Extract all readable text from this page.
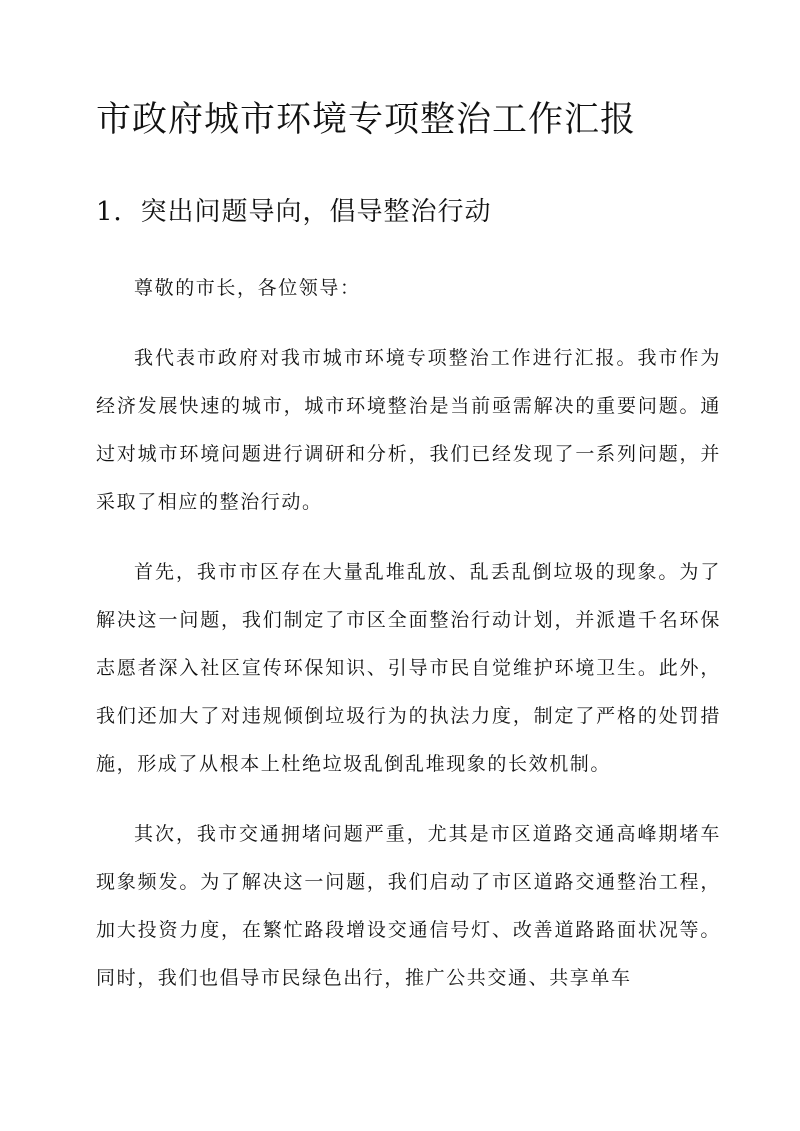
市政府城市环境专项整治工作汇报
1．突出问题导向，倡导整治行动

尊敬的市长，各位领导：

我代表市政府对我市城市环境专项整治工作进行汇报。我市作为经济发展快速的城市，城市环境整治是当前亟需解决的重要问题。通过对城市环境问题进行调研和分析，我们已经发现了一系列问题，并采取了相应的整治行动。

首先，我市市区存在大量乱堆乱放、乱丢乱倒垃圾的现象。为了解决这一问题，我们制定了市区全面整治行动计划，并派遣千名环保志愿者深入社区宣传环保知识、引导市民自觉维护环境卫生。此外，我们还加大了对违规倾倒垃圾行为的执法力度，制定了严格的处罚措施，形成了从根本上杜绝垃圾乱倒乱堆现象的长效机制。

其次，我市交通拥堵问题严重，尤其是市区道路交通高峰期堵车现象频发。为了解决这一问题，我们启动了市区道路交通整治工程，加大投资力度，在繁忙路段增设交通信号灯、改善道路路面状况等。同时，我们也倡导市民绿色出行，推广公共交通、共享单车
